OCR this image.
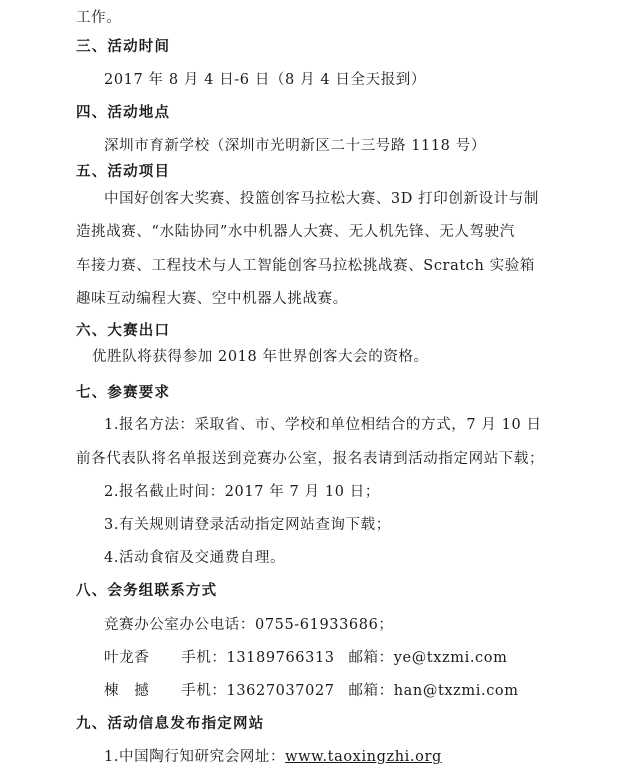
工作。
三、活动时间
2017 年 8 月 4 日-6 日（8 月 4 日全天报到）
四、活动地点
深圳市育新学校（深圳市光明新区二十三号路 1118 号）
五、活动项目
中国好创客大奖赛、投篮创客马拉松大赛、3D 打印创新设计与制
造挑战赛、“水陆协同”水中机器人大赛、无人机先锋、无人驾驶汽
车接力赛、工程技术与人工智能创客马拉松挑战赛、Scratch 实验箱
趣味互动编程大赛、空中机器人挑战赛。
六、大赛出口
优胜队将获得参加 2018 年世界创客大会的资格。
七、参赛要求
1.报名方法：采取省、市、学校和单位相结合的方式，7 月 10 日
前各代表队将名单报送到竞赛办公室，报名表请到活动指定网站下载；
2.报名截止时间：2017 年 7 月 10 日；
3.有关规则请登录活动指定网站查询下载；
4.活动食宿及交通费自理。
八、会务组联系方式
竞赛办公室办公电话：0755-61933686；
叶龙香 手机：13189766313 邮箱：ye@txzmi.com
棟　撼 手机：13627037027 邮箱：han@txzmi.com
九、活动信息发布指定网站
1.中国陶行知研究会网址：www.taoxingzhi.org
